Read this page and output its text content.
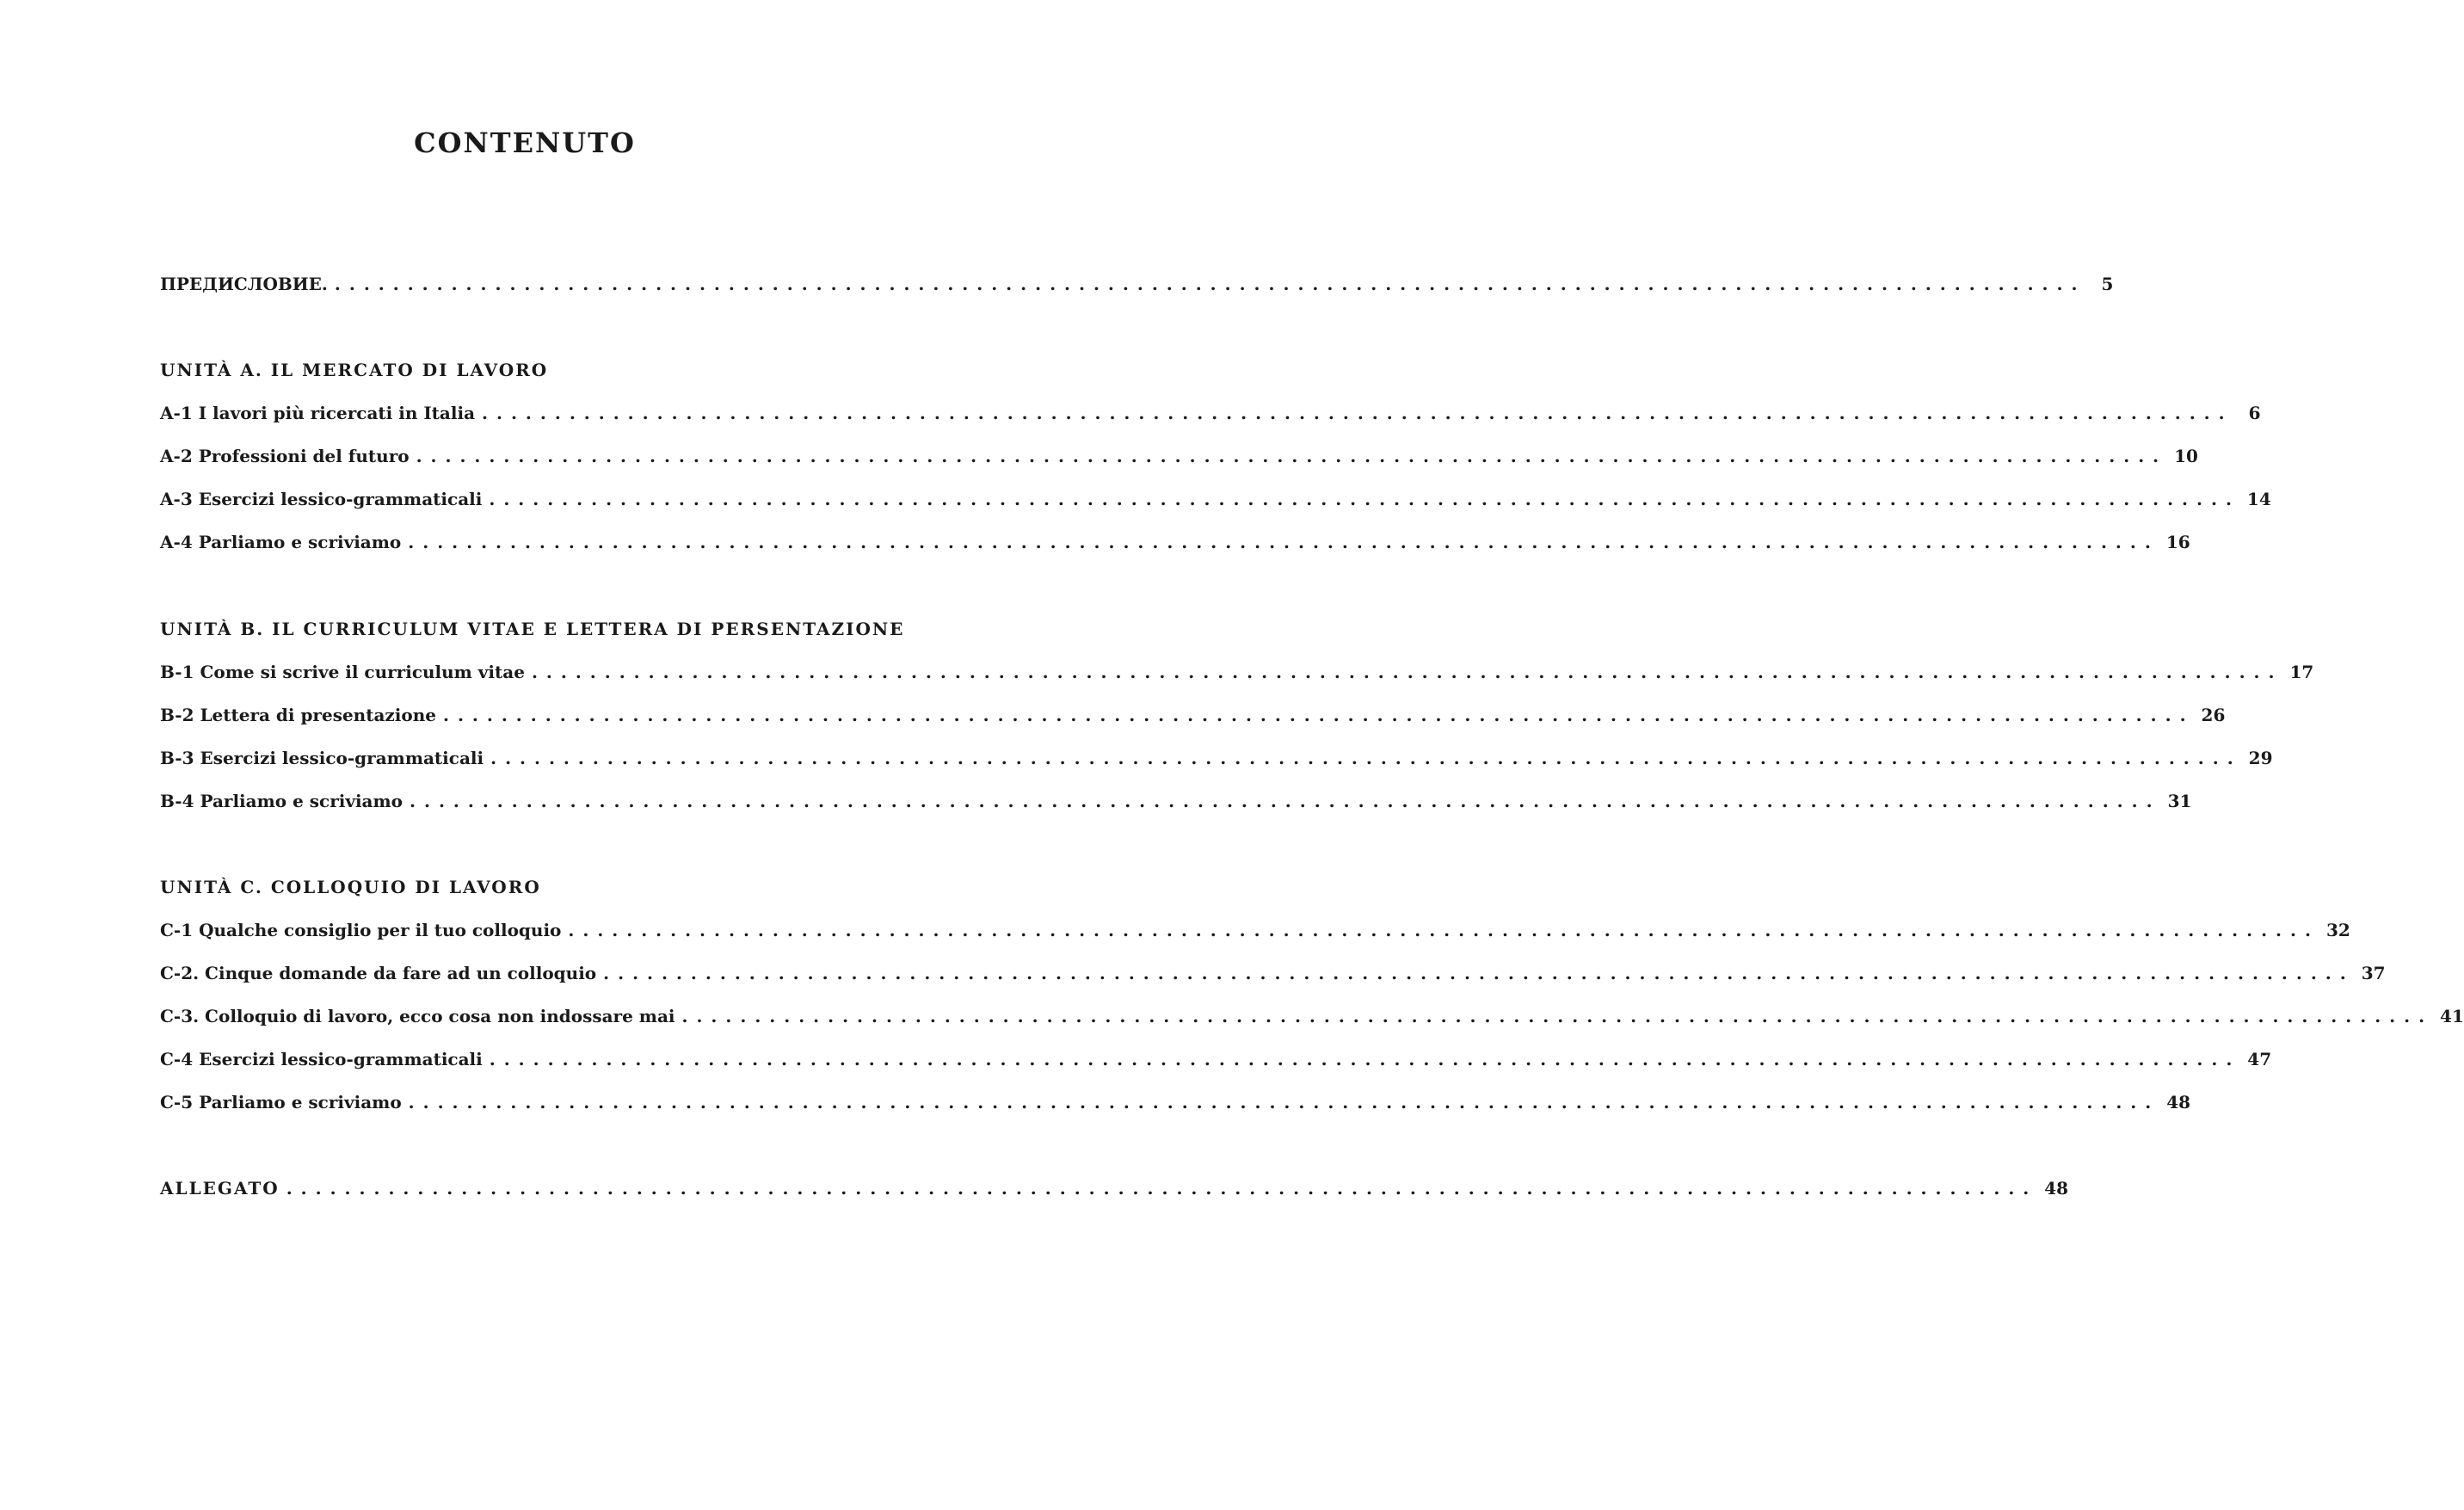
CONTENUTO
ПРЕДИСЛОВИЕ. ........................................................................................................................ 5
UNITÀ A. IL MERCATO DI LAVORO
A-1 I lavori più ricercati in Italia ........................................................................................................................ 6
A-2 Professioni del futuro ........................................................................................................................ 10
A-3 Esercizi lessico-grammaticali ........................................................................................................................ 14
A-4 Parliamo e scriviamo ........................................................................................................................ 16
UNITÀ B. IL CURRICULUM VITAE E LETTERA DI PERSENTAZIONE
B-1 Come si scrive il curriculum vitae ........................................................................................................................ 17
B-2 Lettera di presentazione ........................................................................................................................ 26
B-3 Esercizi lessico-grammaticali ........................................................................................................................ 29
B-4 Parliamo e scriviamo ........................................................................................................................ 31
UNITÀ C. COLLOQUIO DI LAVORO
C-1 Qualche consiglio per il tuo colloquio ........................................................................................................................ 32
C-2. Cinque domande da fare ad un colloquio ........................................................................................................................ 37
C-3. Colloquio di lavoro, ecco cosa non indossare mai ........................................................................................................................ 41
C-4 Esercizi lessico-grammaticali ........................................................................................................................ 47
C-5 Parliamo e scriviamo ........................................................................................................................ 48
ALLEGATO ........................................................................................................................ 48
